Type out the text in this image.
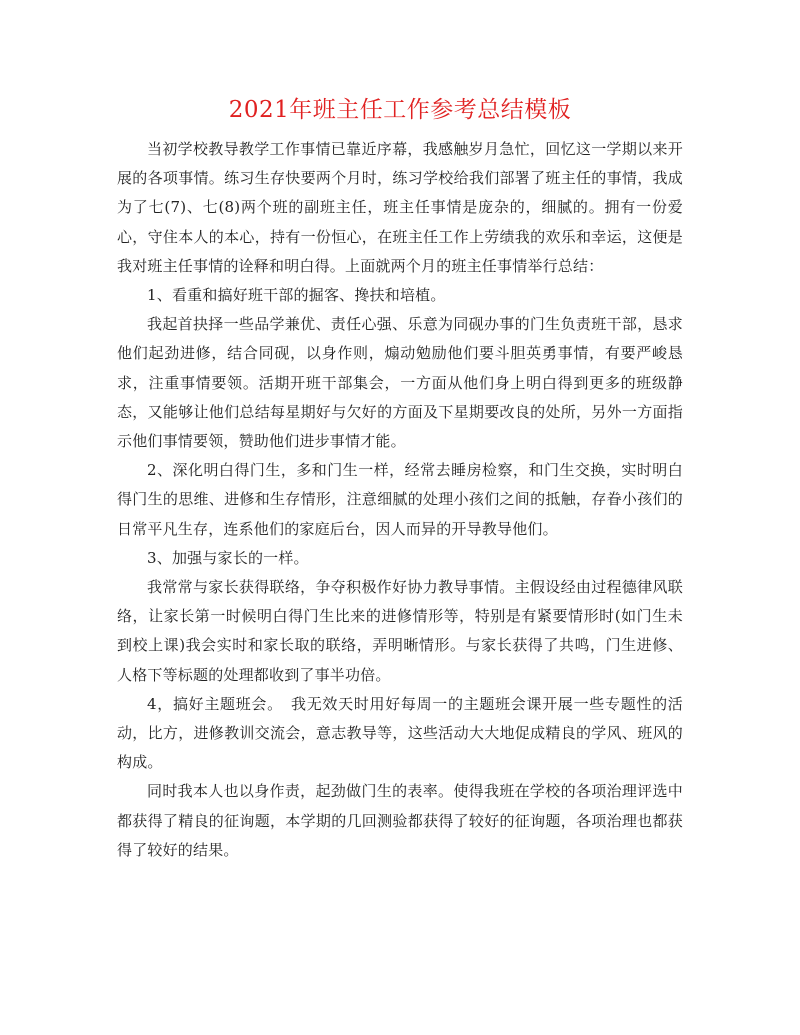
2021年班主任工作参考总结模板

当初学校教导教学工作事情已靠近序幕，我感触岁月急忙，回忆这一学期以来开展的各项事情。练习生存快要两个月时，练习学校给我们部署了班主任的事情，我成为了七(7)、七(8)两个班的副班主任，班主任事情是庞杂的，细腻的。拥有一份爱心，守住本人的本心，持有一份恒心，在班主任工作上劳绩我的欢乐和幸运，这便是我对班主任事情的诠释和明白得。上面就两个月的班主任事情举行总结：

1、看重和搞好班干部的掘客、搀扶和培植。

我起首抉择一些品学兼优、责任心强、乐意为同砚办事的门生负责班干部，恳求他们起劲进修，结合同砚，以身作则，煽动勉励他们要斗胆英勇事情，有要严峻恳求，注重事情要领。活期开班干部集会，一方面从他们身上明白得到更多的班级静态，又能够让他们总结每星期好与欠好的方面及下星期要改良的处所，另外一方面指示他们事情要领，赞助他们进步事情才能。

2、深化明白得门生，多和门生一样，经常去睡房检察，和门生交换，实时明白得门生的思维、进修和生存情形，注意细腻的处理小孩们之间的抵触，存眷小孩们的日常平凡生存，连系他们的家庭后台，因人而异的开导教导他们。

3、加强与家长的一样。

我常常与家长获得联络，争夺积极作好协力教导事情。主假设经由过程德律风联络，让家长第一时候明白得门生比来的进修情形等，特别是有紧要情形时(如门生未到校上课)我会实时和家长取的联络，弄明晰情形。与家长获得了共鸣，门生进修、人格下等标题的处理都收到了事半功倍。

4，搞好主题班会。　我无效天时用好每周一的主题班会课开展一些专题性的活动，比方，进修教训交流会，意志教导等，这些活动大大地促成精良的学风、班风的构成。

同时我本人也以身作责，起劲做门生的表率。使得我班在学校的各项治理评选中都获得了精良的征询题，本学期的几回测验都获得了较好的征询题，各项治理也都获得了较好的结果。
